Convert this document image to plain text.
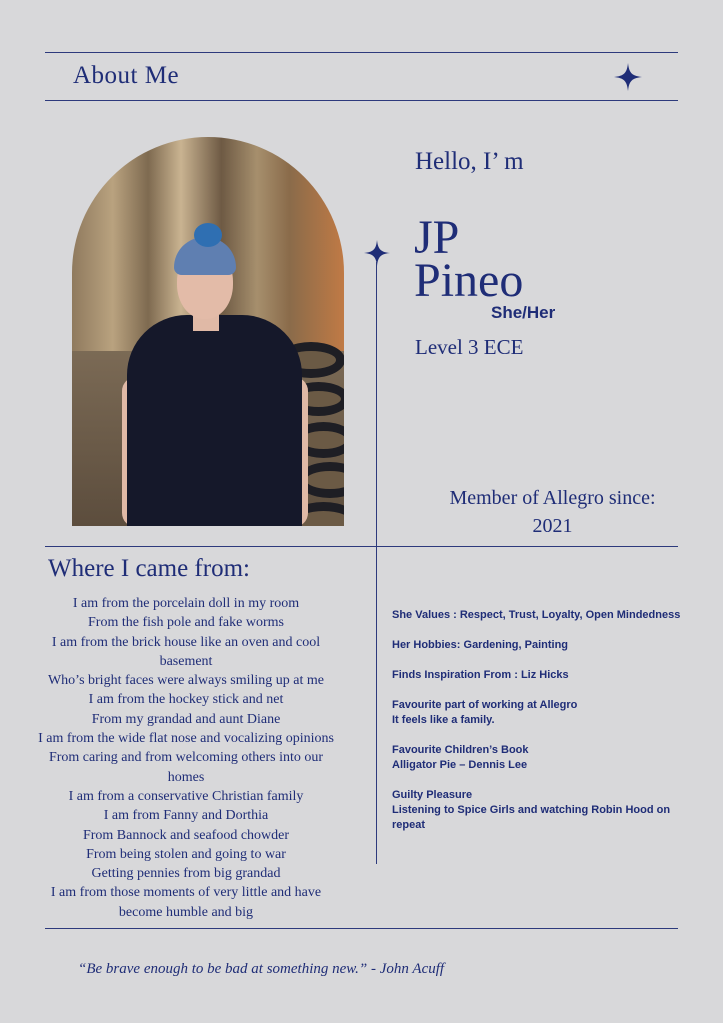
About Me
Hello, I’ m
JP
Pineo
She/Her
Level 3 ECE
Member of Allegro since:
2021
Where I came from:
I am from the porcelain doll in my room
From the fish pole and fake worms
I am from the brick house like an oven and cool
basement
Who’s bright faces were always smiling up at me
I am from the hockey stick and net
From my grandad and aunt Diane
I am from the wide flat nose and vocalizing opinions
From caring and from welcoming others into our
homes
I am from a conservative Christian family
I am from Fanny and Dorthia
From Bannock and seafood chowder
From being stolen and going to war
Getting pennies from big grandad
I am from those moments of very little and have
become humble and big
She Values : Respect, Trust, Loyalty, Open Mindedness
Her Hobbies: Gardening, Painting
Finds Inspiration From : Liz Hicks
Favourite part of working at Allegro
It feels like a family.
Favourite Children’s Book
Alligator Pie – Dennis Lee
Guilty Pleasure
Listening to Spice Girls and watching Robin Hood on repeat
“Be brave enough to be bad at something new.” - John Acuff
